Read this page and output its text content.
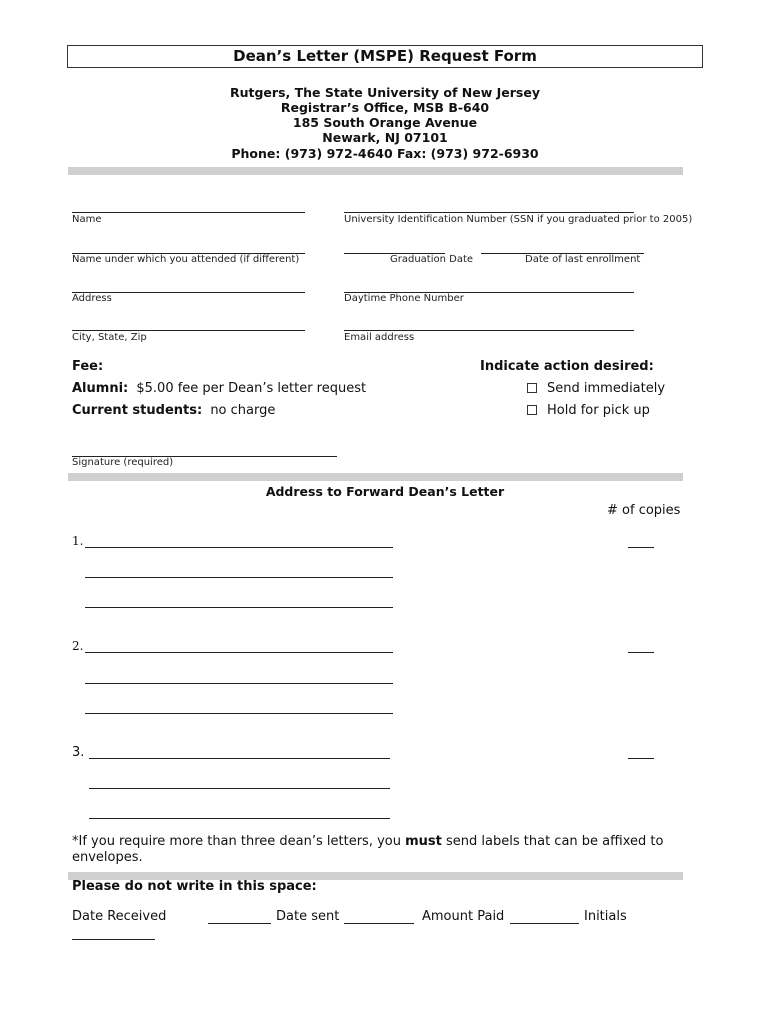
Dean’s Letter (MSPE) Request Form
Rutgers, The State University of New Jersey
Registrar’s Office, MSB B-640
185 South Orange Avenue
Newark, NJ 07101
Phone: (973) 972-4640 Fax: (973) 972-6930
Name	University Identification Number (SSN if you graduated prior to 2005)
Name under which you attended (if different)	Graduation Date	Date of last enrollment
Address	Daytime Phone Number
City, State, Zip	Email address
Fee:
Alumni: $5.00 fee per Dean’s letter request
Current students: no charge
Indicate action desired:
Send immediately
Hold for pick up
Signature (required)
Address to Forward Dean’s Letter
# of copies
1.
2.
3.
*If you require more than three dean’s letters, you must send labels that can be affixed to
envelopes.
Please do not write in this space:
Date Received	Date sent	Amount Paid	Initials
